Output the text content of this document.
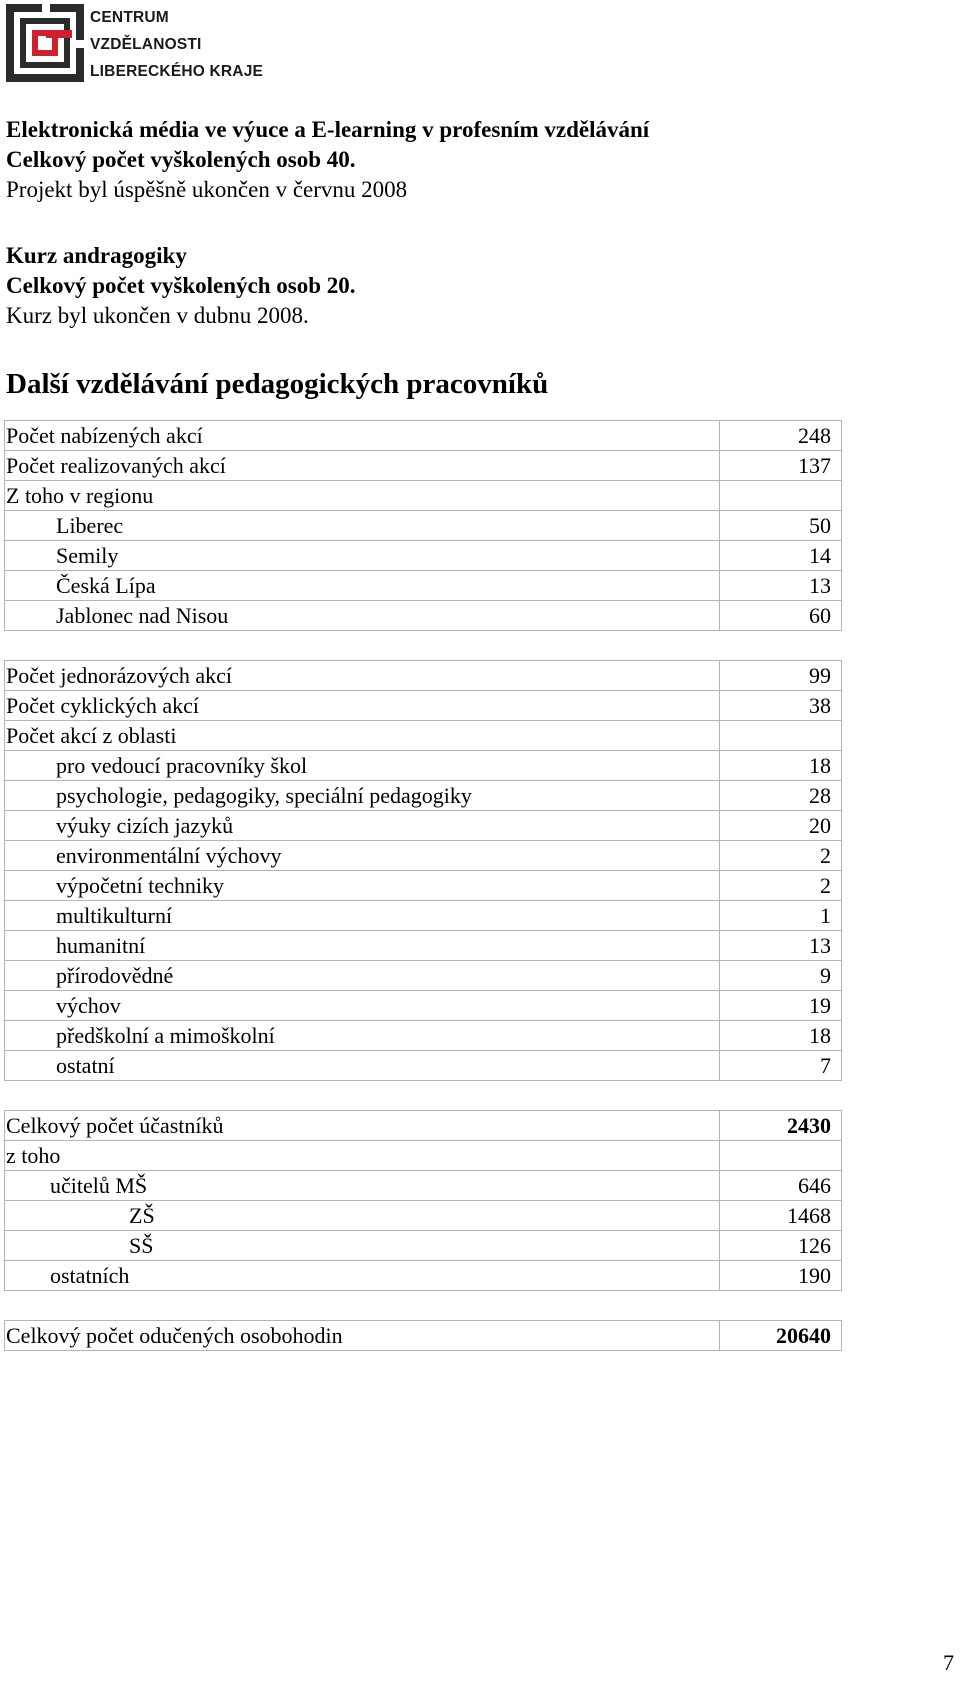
CENTRUM
VZDĚLANOSTI
LIBERECKÉHO KRAJE
Elektronická média ve výuce a E-learning v profesním vzdělávání
Celkový počet vyškolených osob 40.
Projekt byl úspěšně ukončen v červnu 2008
Kurz andragogiky
Celkový počet vyškolených osob 20.
Kurz byl ukončen v dubnu 2008.
Další vzdělávání pedagogických pracovníků
Počet nabízených akcí	248
Počet realizovaných akcí	137
Z toho v regionu	
Liberec	50
Semily	14
Česká Lípa	13
Jablonec nad Nisou	60

Počet jednorázových akcí	99
Počet cyklických akcí	38
Počet akcí z oblasti	
pro vedoucí pracovníky škol	18
psychologie, pedagogiky, speciální pedagogiky	28
výuky cizích jazyků	20
environmentální výchovy	2
výpočetní techniky	2
multikulturní	1
humanitní	13
přírodovědné	9
výchov	19
předškolní a mimoškolní	18
ostatní	7

Celkový počet účastníků	2430
z toho	
učitelů MŠ	646
ZŠ	1468
SŠ	126
ostatních	190

Celkový počet odučených osobohodin	20640
7
